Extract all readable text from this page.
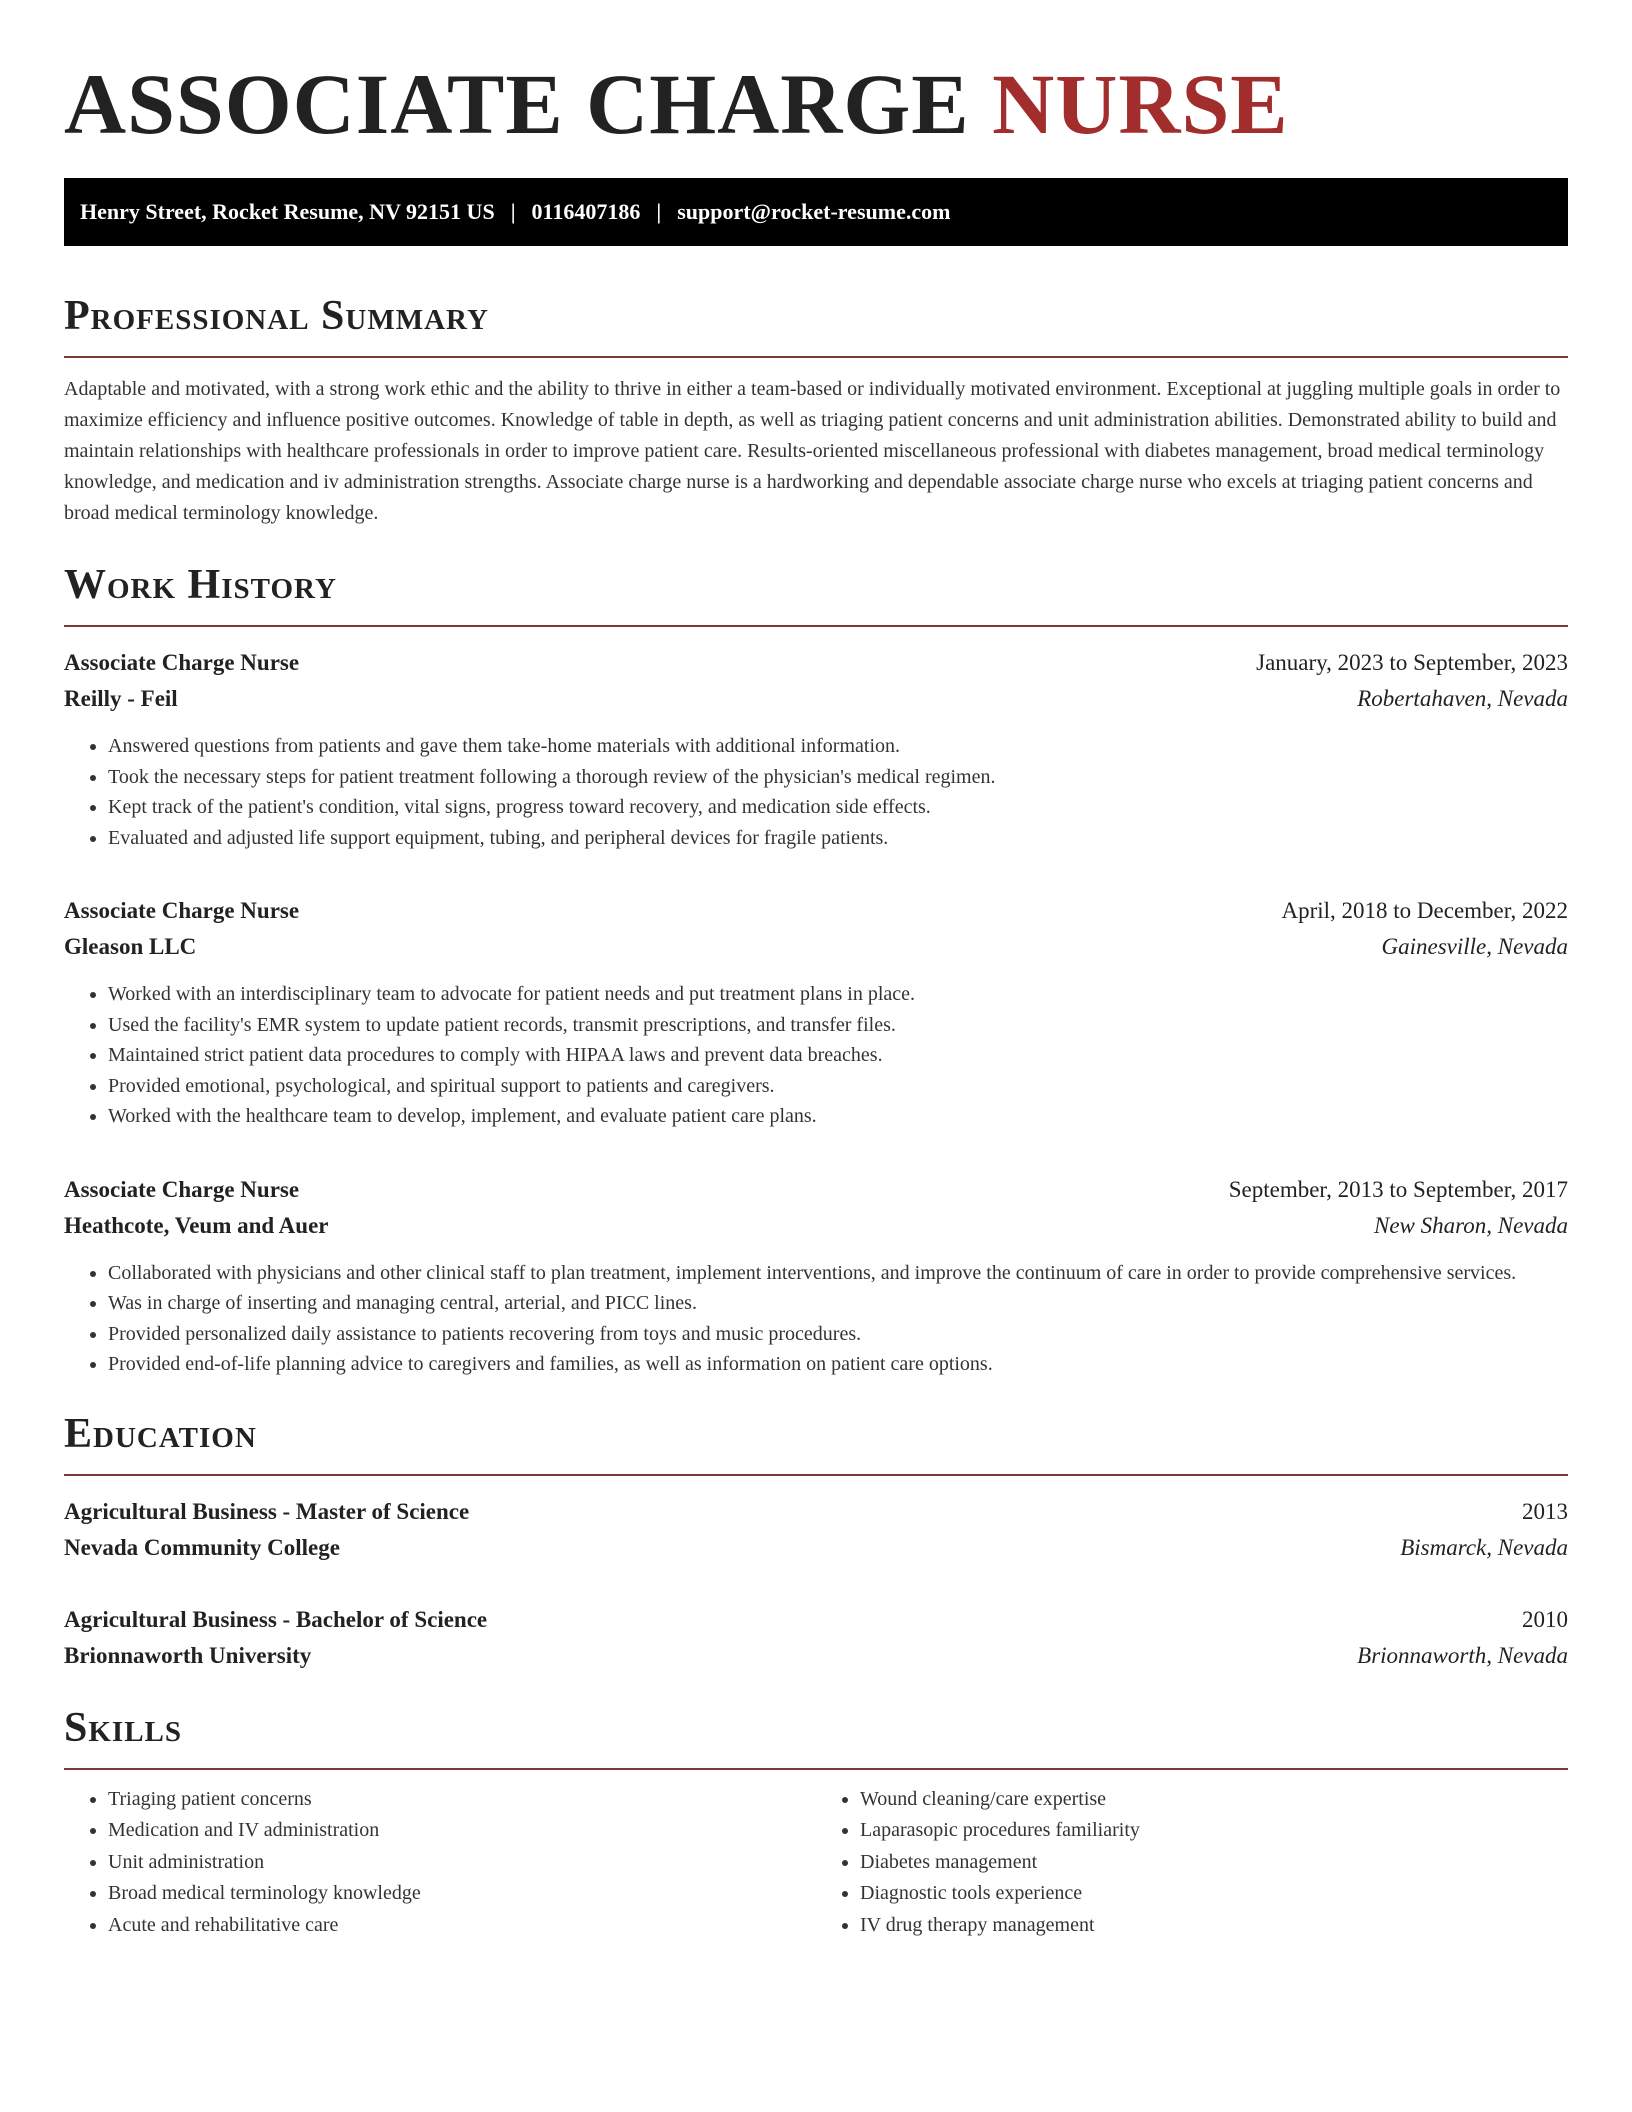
ASSOCIATE CHARGE NURSE
Henry Street, Rocket Resume, NV 92151 US | 0116407186 | support@rocket-resume.com
Professional Summary

Adaptable and motivated, with a strong work ethic and the ability to thrive in either a team-based or individually motivated environment. Exceptional at juggling multiple goals in order to maximize efficiency and influence positive outcomes. Knowledge of table in depth, as well as triaging patient concerns and unit administration abilities. Demonstrated ability to build and maintain relationships with healthcare professionals in order to improve patient care. Results-oriented miscellaneous professional with diabetes management, broad medical terminology knowledge, and medication and iv administration strengths. Associate charge nurse is a hardworking and dependable associate charge nurse who excels at triaging patient concerns and broad medical terminology knowledge.

Work History
Associate Charge Nurse	January, 2023 to September, 2023
Reilly - Feil	Robertahaven, Nevada
• Answered questions from patients and gave them take-home materials with additional information.
• Took the necessary steps for patient treatment following a thorough review of the physician's medical regimen.
• Kept track of the patient's condition, vital signs, progress toward recovery, and medication side effects.
• Evaluated and adjusted life support equipment, tubing, and peripheral devices for fragile patients.
Associate Charge Nurse	April, 2018 to December, 2022
Gleason LLC	Gainesville, Nevada
• Worked with an interdisciplinary team to advocate for patient needs and put treatment plans in place.
• Used the facility's EMR system to update patient records, transmit prescriptions, and transfer files.
• Maintained strict patient data procedures to comply with HIPAA laws and prevent data breaches.
• Provided emotional, psychological, and spiritual support to patients and caregivers.
• Worked with the healthcare team to develop, implement, and evaluate patient care plans.
Associate Charge Nurse	September, 2013 to September, 2017
Heathcote, Veum and Auer	New Sharon, Nevada
• Collaborated with physicians and other clinical staff to plan treatment, implement interventions, and improve the continuum of care in order to provide comprehensive services.
• Was in charge of inserting and managing central, arterial, and PICC lines.
• Provided personalized daily assistance to patients recovering from toys and music procedures.
• Provided end-of-life planning advice to caregivers and families, as well as information on patient care options.
Education
Agricultural Business - Master of Science	2013
Nevada Community College	Bismarck, Nevada
Agricultural Business - Bachelor of Science	2010
Brionnaworth University	Brionnaworth, Nevada
Skills
• Triaging patient concerns
• Medication and IV administration
• Unit administration
• Broad medical terminology knowledge
• Acute and rehabilitative care
• Wound cleaning/care expertise
• Laparasopic procedures familiarity
• Diabetes management
• Diagnostic tools experience
• IV drug therapy management
